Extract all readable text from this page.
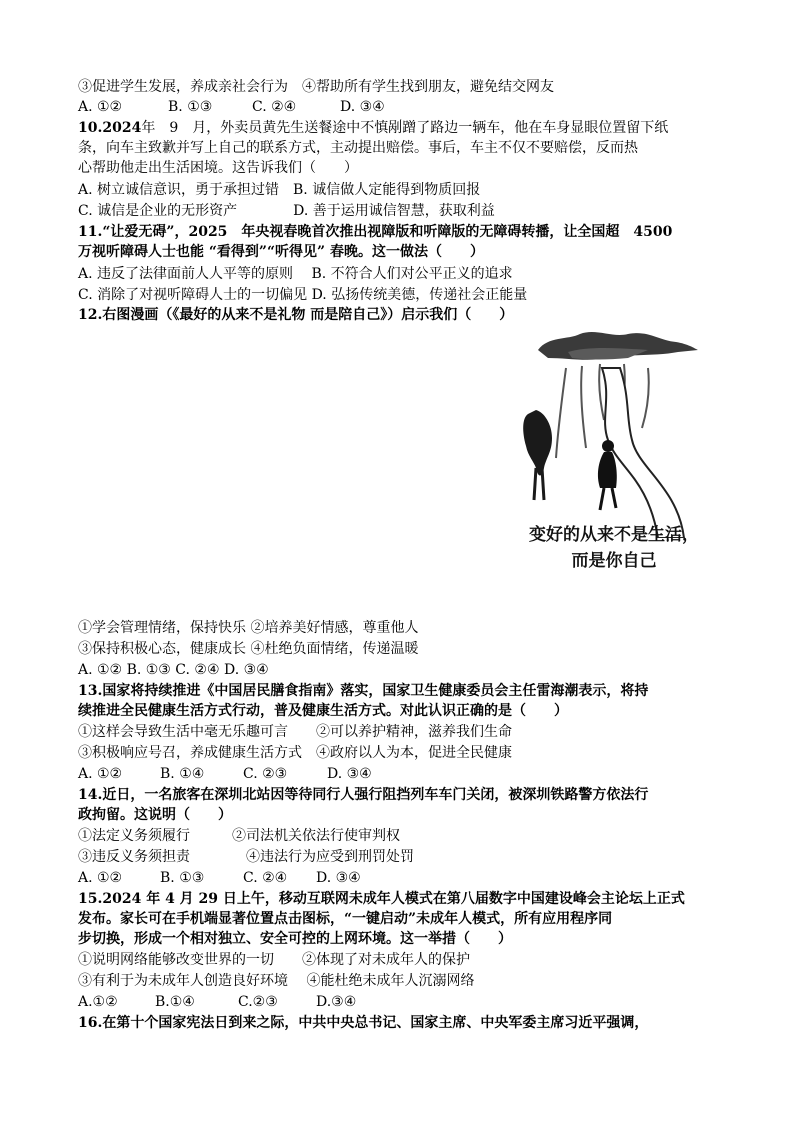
③促进学生发展，养成亲社会行为　④帮助所有学生找到朋友，避免结交网友
A. ①②	B. ①③	C. ②④	D. ③④
10.2024年　9　月，外卖员黄先生送餐途中不慎剐蹭了路边一辆车，他在车身显眼位置留下纸
条，向车主致歉并写上自己的联系方式，主动提出赔偿。事后，车主不仅不要赔偿，反而热
心帮助他走出生活困境。这告诉我们（　　）
A. 树立诚信意识，勇于承担过错　B. 诚信做人定能得到物质回报
C. 诚信是企业的无形资产　　　　D. 善于运用诚信智慧，获取利益
11.“让爱无碍”，2025　年央视春晚首次推出视障版和听障版的无障碍转播，让全国超　4500
万视听障碍人士也能 “看得到”“听得见” 春晚。这一做法（　　）
A. 违反了法律面前人人平等的原则　 B. 不符合人们对公平正义的追求
C. 消除了对视听障碍人士的一切偏见 D. 弘扬传统美德，传递社会正能量
12.右图漫画（《最好的从来不是礼物 而是陪自己》）启示我们（　　）
变好的从来不是生活，
而是你自己
①学会管理情绪，保持快乐 ②培养美好情感，尊重他人
③保持积极心态，健康成长 ④杜绝负面情绪，传递温暖
A. ①② B. ①③ C. ②④ D. ③④
13.国家将持续推进《中国居民膳食指南》落实，国家卫生健康委员会主任雷海潮表示，将持
续推进全民健康生活方式行动，普及健康生活方式。对此认识正确的是（　　）
①这样会导致生活中毫无乐趣可言　　②可以养护精神，滋养我们生命
③积极响应号召，养成健康生活方式　④政府以人为本，促进全民健康
A. ①②	B. ①④	C. ②③	D. ③④
14.近日，一名旅客在深圳北站因等待同行人强行阻挡列车车门关闭，被深圳铁路警方依法行
政拘留。这说明（　　）
①法定义务须履行　　　②司法机关依法行使审判权
③违反义务须担责　　　　④违法行为应受到刑罚处罚
A. ①②	B. ①③	C. ②④ D. ③④
15.2024 年 4 月 29 日上午，移动互联网未成年人模式在第八届数字中国建设峰会主论坛上正式
发布。家长可在手机端显著位置点击图标，“一键启动”未成年人模式，所有应用程序同
步切换，形成一个相对独立、安全可控的上网环境。这一举措（　　）
①说明网络能够改变世界的一切　　②体现了对未成年人的保护
③有利于为未成年人创造良好环境　 ④能杜绝未成年人沉溺网络
A.①②	B.①④	C.②③	D.③④
16.在第十个国家宪法日到来之际，中共中央总书记、国家主席、中央军委主席习近平强调，
